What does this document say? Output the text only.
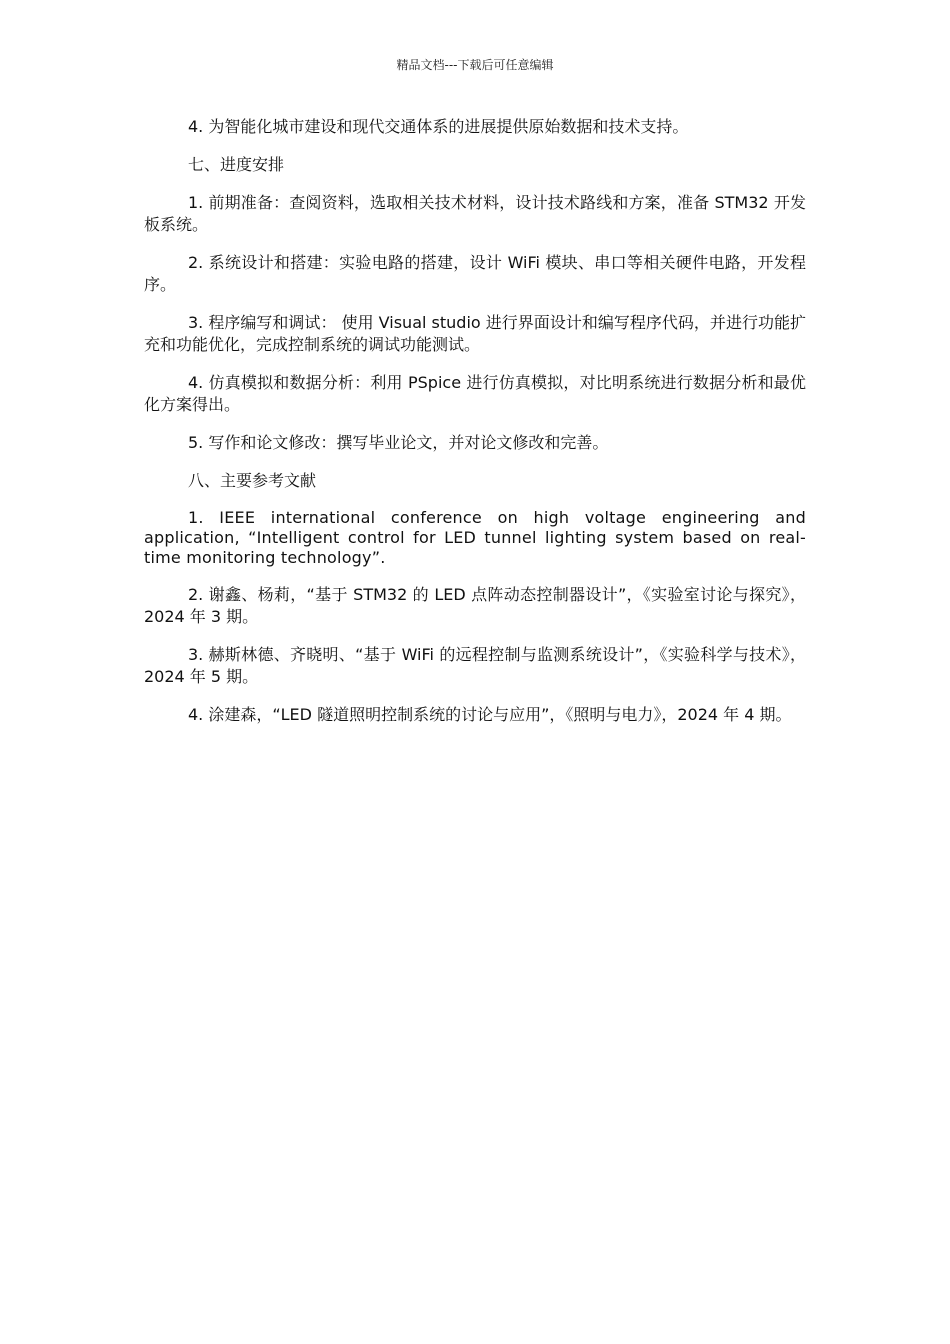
精品文档---下载后可任意编辑

4. 为智能化城市建设和现代交通体系的进展提供原始数据和技术支持。

七、进度安排

1. 前期准备：查阅资料，选取相关技术材料，设计技术路线和方案，准备 STM32 开发板系统。

2. 系统设计和搭建：实验电路的搭建，设计 WiFi 模块、串口等相关硬件电路，开发程序。

3. 程序编写和调试： 使用 Visual studio 进行界面设计和编写程序代码，并进行功能扩充和功能优化，完成控制系统的调试功能测试。

4. 仿真模拟和数据分析：利用 PSpice 进行仿真模拟，对比明系统进行数据分析和最优化方案得出。

5. 写作和论文修改：撰写毕业论文，并对论文修改和完善。

八、主要参考文献

1. IEEE international conference on high voltage engineering and application, “Intelligent control for LED tunnel lighting system based on real-time monitoring technology”.

2. 谢鑫、杨莉，“基于 STM32 的 LED 点阵动态控制器设计”，《实验室讨论与探究》，2024 年 3 期。

3. 赫斯林德、齐晓明、“基于 WiFi 的远程控制与监测系统设计”，《实验科学与技术》，2024 年 5 期。

4. 涂建森，“LED 隧道照明控制系统的讨论与应用”，《照明与电力》，2024 年 4 期。
